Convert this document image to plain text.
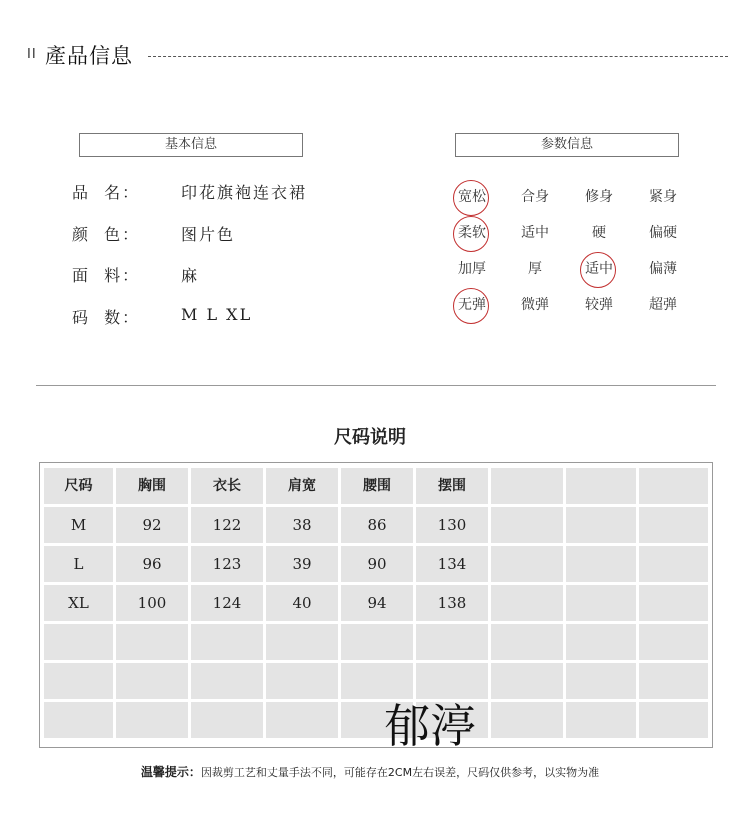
II 產品信息
基本信息
品  名：	印花旗袍连衣裙
颜  色：	图片色
面  料：	麻
码  数：	M L XL
参数信息
宽松	合身	修身	紧身
柔软	适中	硬	偏硬
加厚	厚	适中	偏薄
无弹	微弹	较弹	超弹
尺码说明
尺码	胸围	衣长	肩宽	腰围	摆围
M	92	122	38	86	130
L	96	123	39	90	134
XL	100	124	40	94	138
郁渟
温馨提示：因裁剪工艺和丈量手法不同，可能存在2CM左右误差，尺码仅供参考，以实物为准
